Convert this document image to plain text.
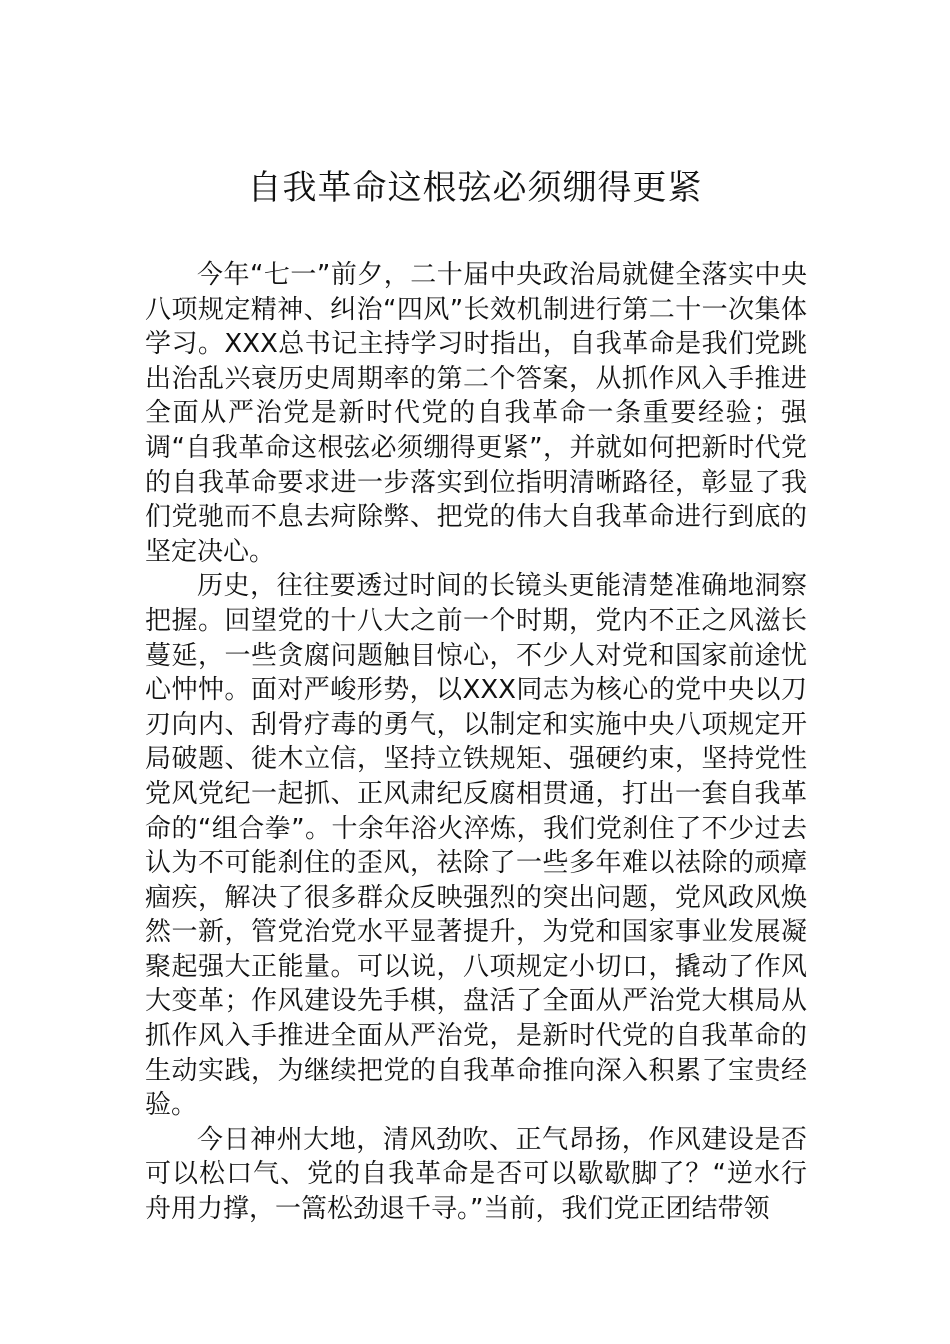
自我革命这根弦必须绷得更紧

今年“七一”前夕，二十届中央政治局就健全落实中央八项规定精神、纠治“四风”长效机制进行第二十一次集体学习。XXX总书记主持学习时指出，自我革命是我们党跳出治乱兴衰历史周期率的第二个答案，从抓作风入手推进全面从严治党是新时代党的自我革命一条重要经验；强调“自我革命这根弦必须绷得更紧”，并就如何把新时代党的自我革命要求进一步落实到位指明清晰路径，彰显了我们党驰而不息去疴除弊、把党的伟大自我革命进行到底的坚定决心。

历史，往往要透过时间的长镜头更能清楚准确地洞察把握。回望党的十八大之前一个时期，党内不正之风滋长蔓延，一些贪腐问题触目惊心，不少人对党和国家前途忧心忡忡。面对严峻形势，以XXX同志为核心的党中央以刀刃向内、刮骨疗毒的勇气，以制定和实施中央八项规定开局破题、徙木立信，坚持立铁规矩、强硬约束，坚持党性党风党纪一起抓、正风肃纪反腐相贯通，打出一套自我革命的“组合拳”。十余年浴火淬炼，我们党刹住了不少过去认为不可能刹住的歪风，祛除了一些多年难以祛除的顽瘴痼疾，解决了很多群众反映强烈的突出问题，党风政风焕然一新，管党治党水平显著提升，为党和国家事业发展凝聚起强大正能量。可以说，八项规定小切口，撬动了作风大变革；作风建设先手棋，盘活了全面从严治党大棋局从抓作风入手推进全面从严治党，是新时代党的自我革命的生动实践，为继续把党的自我革命推向深入积累了宝贵经验。

今日神州大地，清风劲吹、正气昂扬，作风建设是否可以松口气、党的自我革命是否可以歇歇脚了？“逆水行舟用力撑，一篙松劲退千寻。”当前，我们党正团结带领
